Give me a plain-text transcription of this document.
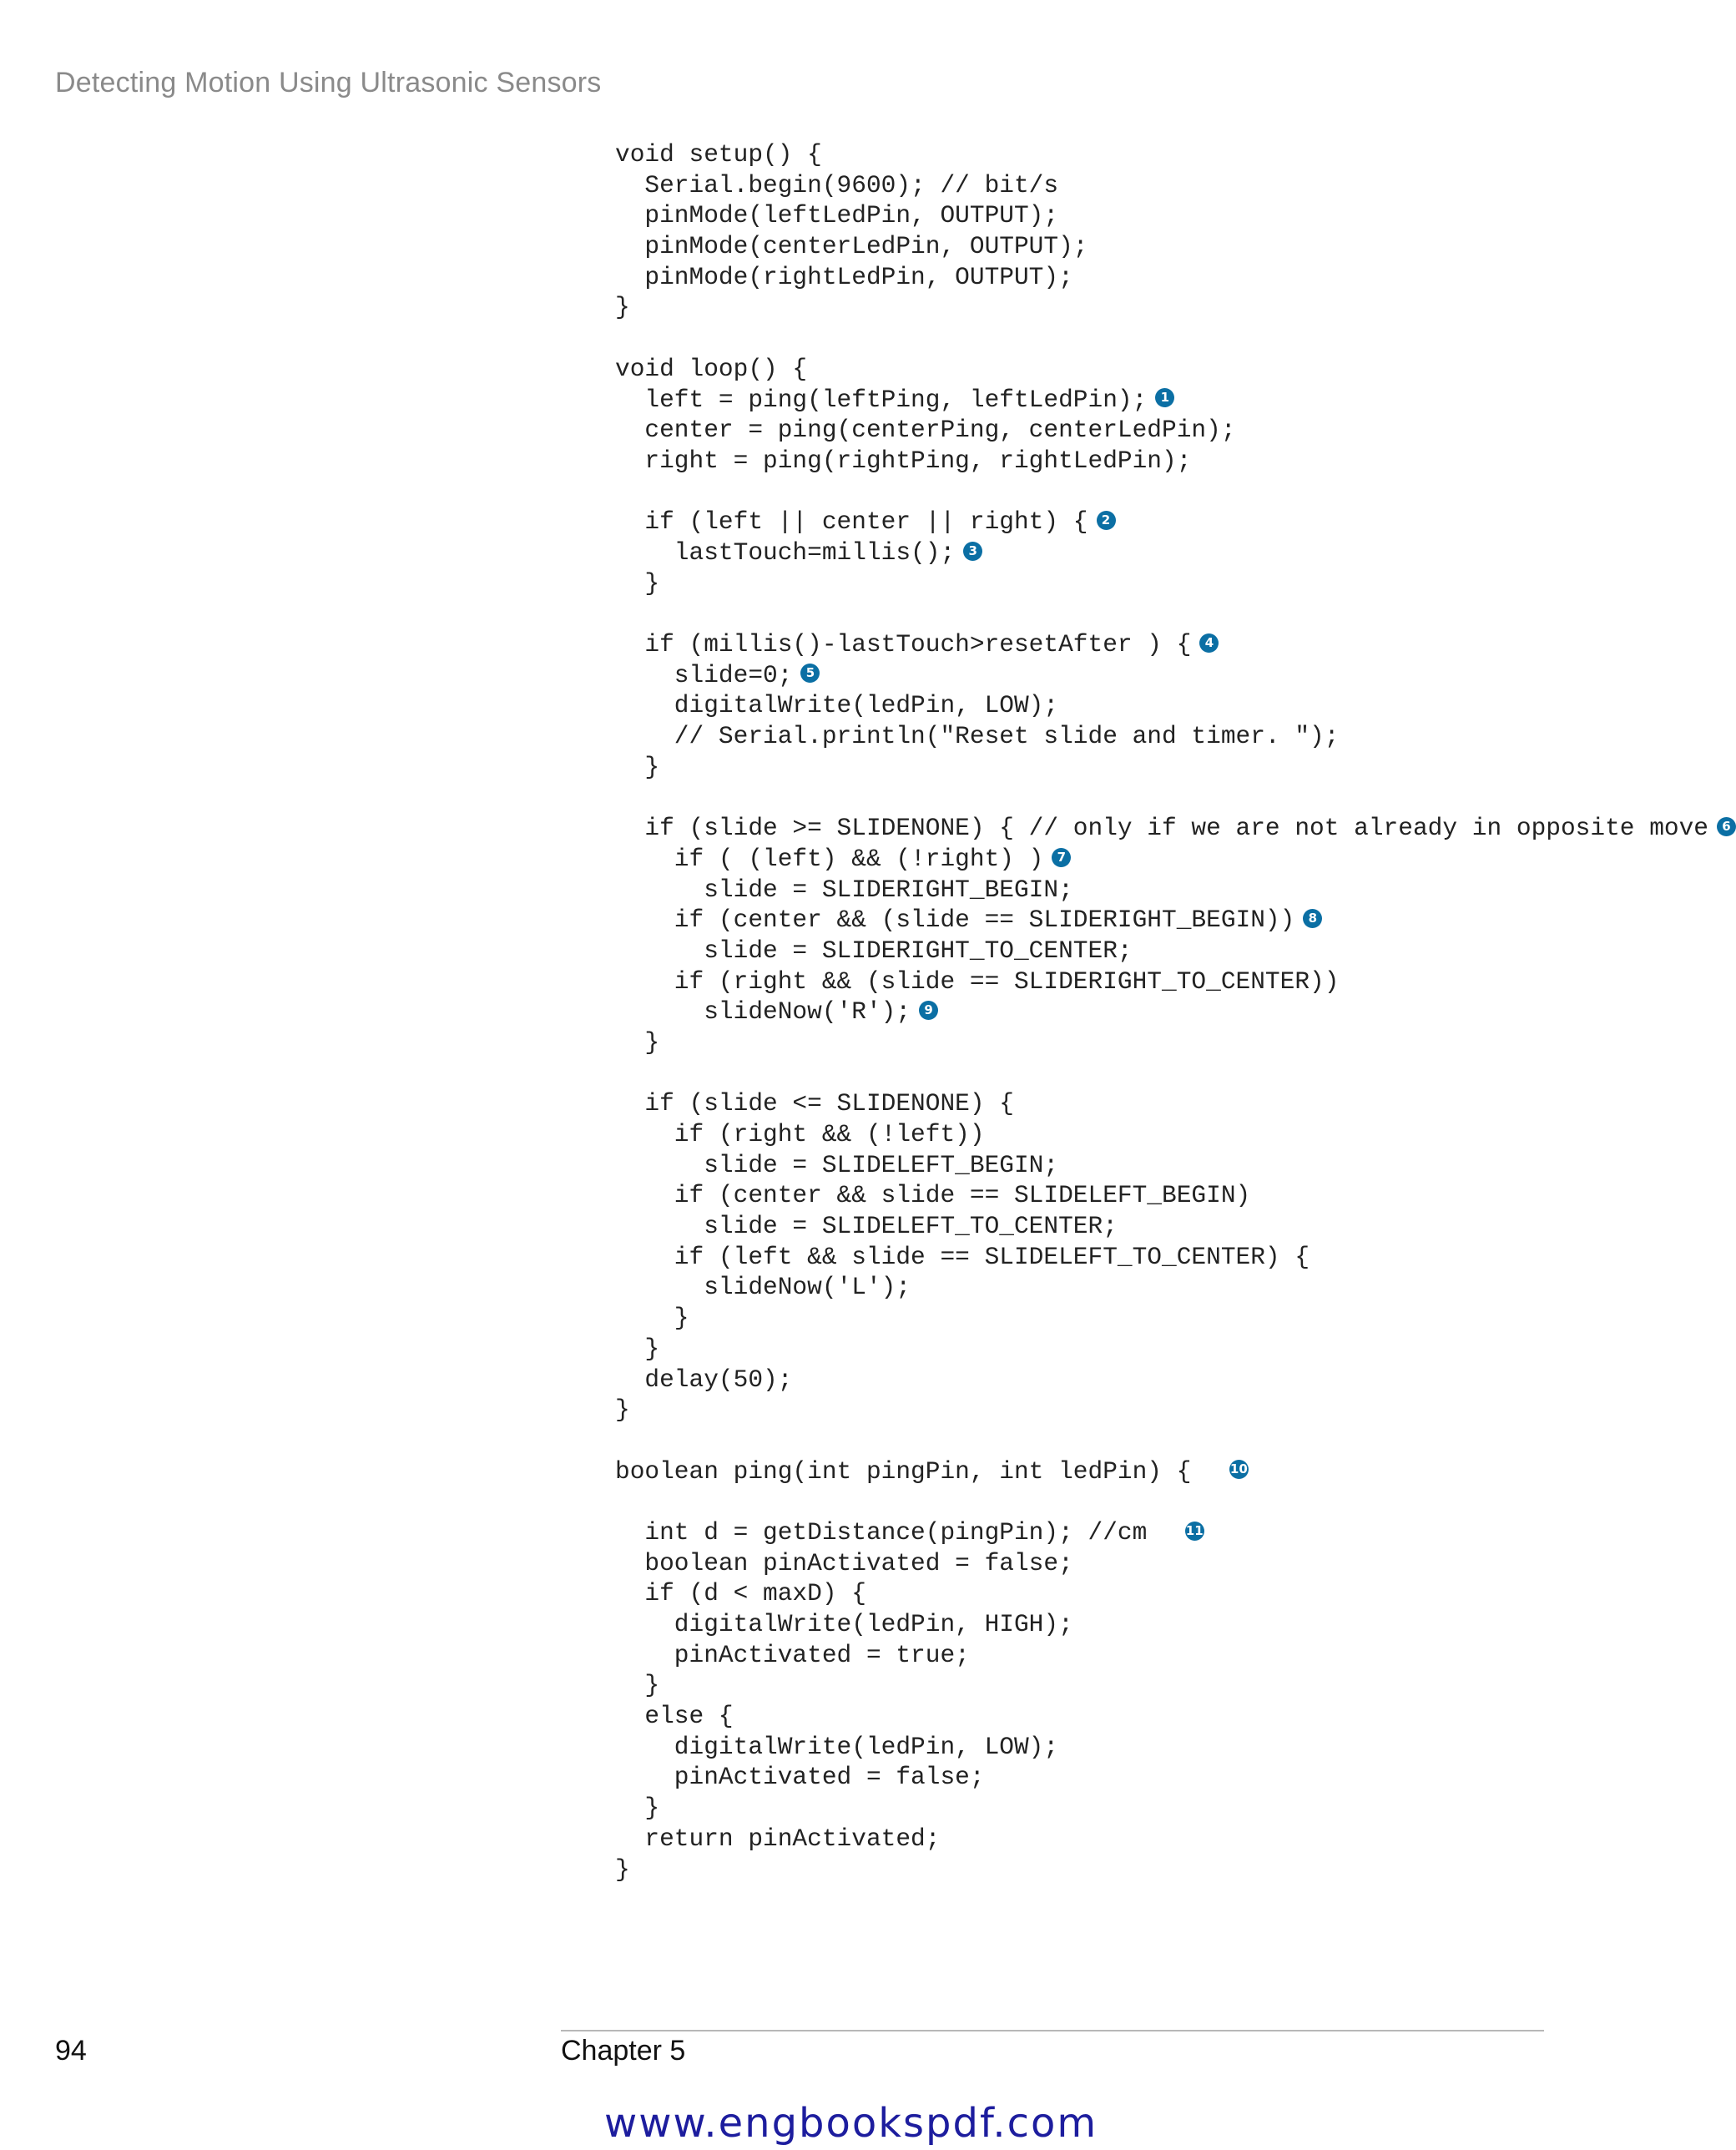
Detecting Motion Using Ultrasonic Sensors
void setup() {
Serial.begin(9600); // bit/s
pinMode(leftLedPin, OUTPUT);
pinMode(centerLedPin, OUTPUT);
pinMode(rightLedPin, OUTPUT);
}
void loop() {
left = ping(leftPing, leftLedPin); 1
center = ping(centerPing, centerLedPin);
right = ping(rightPing, rightLedPin);
if (left || center || right) { 2
lastTouch=millis(); 3
}
if (millis()-lastTouch>resetAfter ) { 4
slide=0; 5
digitalWrite(ledPin, LOW);
// Serial.println("Reset slide and timer. ");
}
if (slide >= SLIDENONE) { // only if we are not already in opposite move 6
if ( (left) && (!right) ) 7
slide = SLIDERIGHT_BEGIN;
if (center && (slide == SLIDERIGHT_BEGIN)) 8
slide = SLIDERIGHT_TO_CENTER;
if (right && (slide == SLIDERIGHT_TO_CENTER))
slideNow('R'); 9
}
if (slide <= SLIDENONE) {
if (right && (!left))
slide = SLIDELEFT_BEGIN;
if (center && slide == SLIDELEFT_BEGIN)
slide = SLIDELEFT_TO_CENTER;
if (left && slide == SLIDELEFT_TO_CENTER) {
slideNow('L');
}
}
delay(50);
}
boolean ping(int pingPin, int ledPin) {  10
int d = getDistance(pingPin); //cm  11
boolean pinActivated = false;
if (d < maxD) {
digitalWrite(ledPin, HIGH);
pinActivated = true;
}
else {
digitalWrite(ledPin, LOW);
pinActivated = false;
}
return pinActivated;
}
94	Chapter 5
www.engbookspdf.com
